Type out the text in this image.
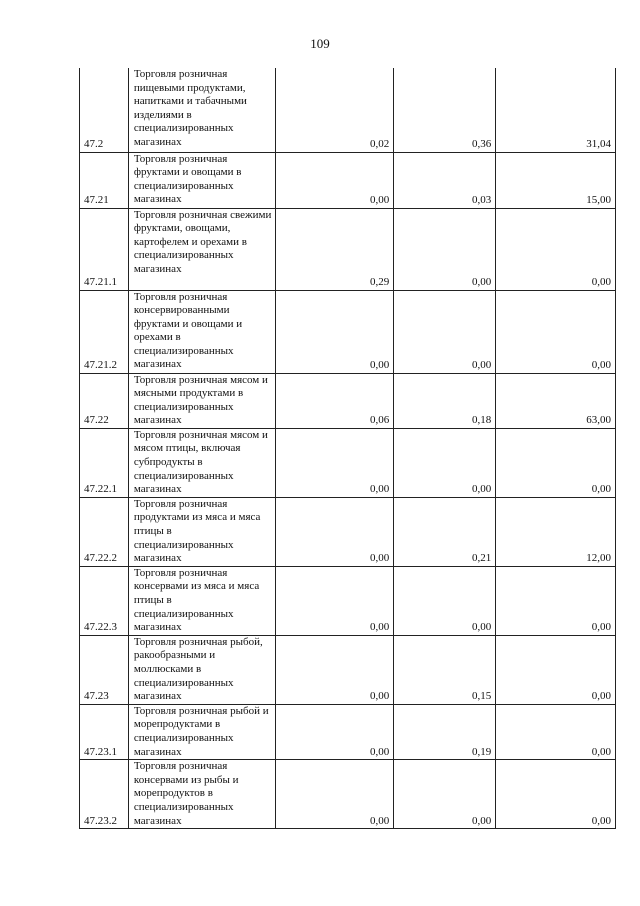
109
47.2	Торговля розничная пищевыми продуктами, напитками и табачными изделиями в специализированных магазинах	0,02	0,36	31,04
47.21	Торговля розничная фруктами и овощами в специализированных магазинах	0,00	0,03	15,00
47.21.1	Торговля розничная свежими фруктами, овощами, картофелем и орехами в специализированных магазинах	0,29	0,00	0,00
47.21.2	Торговля розничная консервированными фруктами и овощами и орехами в специализированных магазинах	0,00	0,00	0,00
47.22	Торговля розничная мясом и мясными продуктами в специализированных магазинах	0,06	0,18	63,00
47.22.1	Торговля розничная мясом и мясом птицы, включая субпродукты в специализированных магазинах	0,00	0,00	0,00
47.22.2	Торговля розничная продуктами из мяса и мяса птицы в специализированных магазинах	0,00	0,21	12,00
47.22.3	Торговля розничная консервами из мяса и мяса птицы в специализированных магазинах	0,00	0,00	0,00
47.23	Торговля розничная рыбой, ракообразными и моллюсками в специализированных магазинах	0,00	0,15	0,00
47.23.1	Торговля розничная рыбой и морепродуктами в специализированных магазинах	0,00	0,19	0,00
47.23.2	Торговля розничная консервами из рыбы и морепродуктов в специализированных магазинах	0,00	0,00	0,00
